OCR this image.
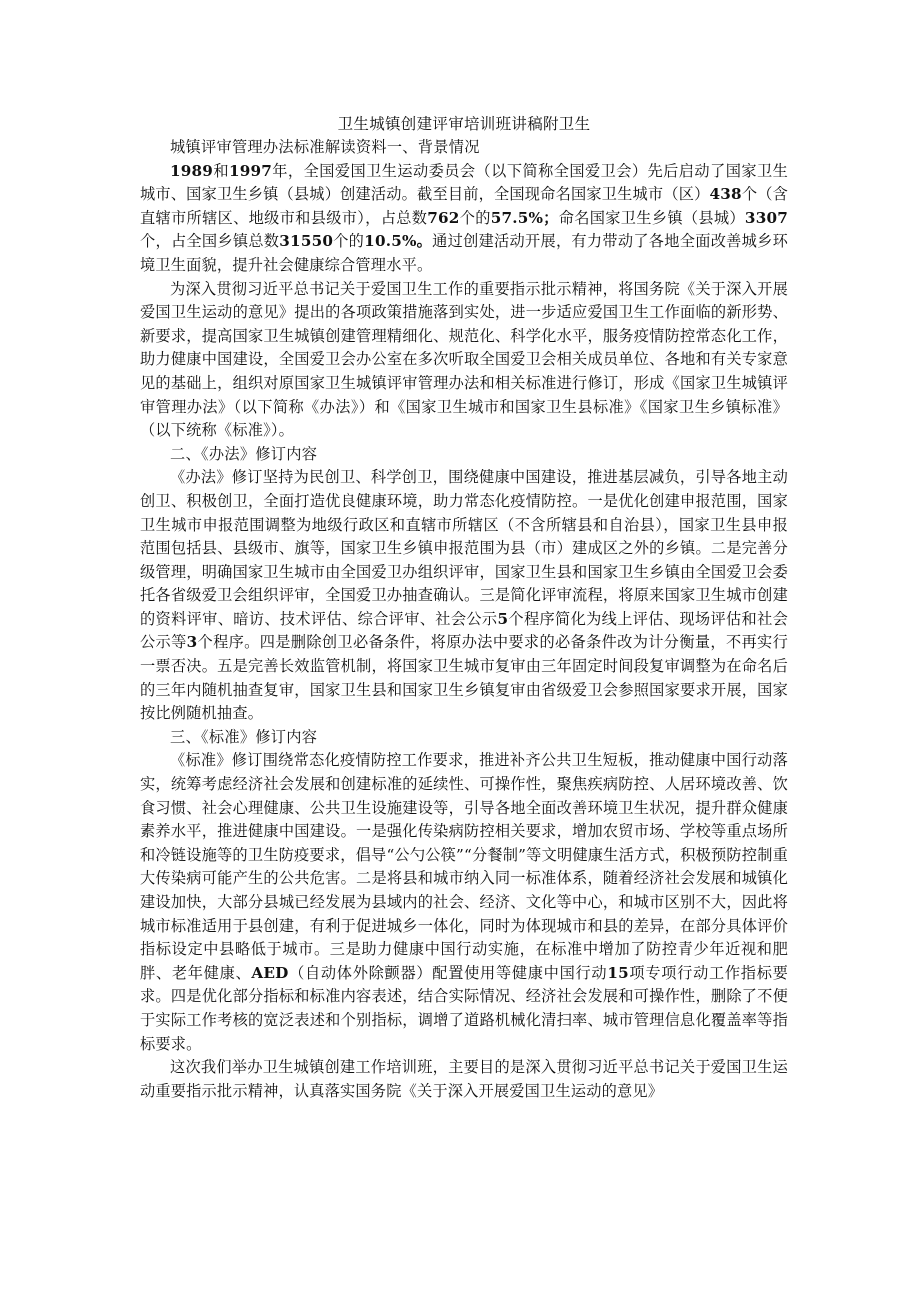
卫生城镇创建评审培训班讲稿附卫生

城镇评审管理办法标准解读资料一、背景情况

1989和1997年，全国爱国卫生运动委员会（以下简称全国爱卫会）先后启动了国家卫生城市、国家卫生乡镇（县城）创建活动。截至目前，全国现命名国家卫生城市（区）438个（含直辖市所辖区、地级市和县级市），占总数762个的57.5%；命名国家卫生乡镇（县城）3307个，占全国乡镇总数31550个的10.5%。通过创建活动开展，有力带动了各地全面改善城乡环境卫生面貌，提升社会健康综合管理水平。

为深入贯彻习近平总书记关于爱国卫生工作的重要指示批示精神，将国务院《关于深入开展爱国卫生运动的意见》提出的各项政策措施落到实处，进一步适应爱国卫生工作面临的新形势、新要求，提高国家卫生城镇创建管理精细化、规范化、科学化水平，服务疫情防控常态化工作，助力健康中国建设，全国爱卫会办公室在多次听取全国爱卫会相关成员单位、各地和有关专家意见的基础上，组织对原国家卫生城镇评审管理办法和相关标准进行修订，形成《国家卫生城镇评审管理办法》（以下简称《办法》）和《国家卫生城市和国家卫生县标准》《国家卫生乡镇标准》（以下统称《标准》）。

二、《办法》修订内容

《办法》修订坚持为民创卫、科学创卫，围绕健康中国建设，推进基层减负，引导各地主动创卫、积极创卫，全面打造优良健康环境，助力常态化疫情防控。一是优化创建申报范围，国家卫生城市申报范围调整为地级行政区和直辖市所辖区（不含所辖县和自治县），国家卫生县申报范围包括县、县级市、旗等，国家卫生乡镇申报范围为县（市）建成区之外的乡镇。二是完善分级管理，明确国家卫生城市由全国爱卫办组织评审，国家卫生县和国家卫生乡镇由全国爱卫会委托各省级爱卫会组织评审，全国爱卫办抽查确认。三是简化评审流程，将原来国家卫生城市创建的资料评审、暗访、技术评估、综合评审、社会公示5个程序简化为线上评估、现场评估和社会公示等3个程序。四是删除创卫必备条件，将原办法中要求的必备条件改为计分衡量，不再实行一票否决。五是完善长效监管机制，将国家卫生城市复审由三年固定时间段复审调整为在命名后的三年内随机抽查复审，国家卫生县和国家卫生乡镇复审由省级爱卫会参照国家要求开展，国家按比例随机抽查。

三、《标准》修订内容

《标准》修订围绕常态化疫情防控工作要求，推进补齐公共卫生短板，推动健康中国行动落实，统筹考虑经济社会发展和创建标准的延续性、可操作性，聚焦疾病防控、人居环境改善、饮食习惯、社会心理健康、公共卫生设施建设等，引导各地全面改善环境卫生状况，提升群众健康素养水平，推进健康中国建设。一是强化传染病防控相关要求，增加农贸市场、学校等重点场所和冷链设施等的卫生防疫要求，倡导“公勺公筷”“分餐制”等文明健康生活方式，积极预防控制重大传染病可能产生的公共危害。二是将县和城市纳入同一标准体系，随着经济社会发展和城镇化建设加快，大部分县城已经发展为县域内的社会、经济、文化等中心，和城市区别不大，因此将城市标准适用于县创建，有利于促进城乡一体化，同时为体现城市和县的差异，在部分具体评价指标设定中县略低于城市。三是助力健康中国行动实施，在标准中增加了防控青少年近视和肥胖、老年健康、AED（自动体外除颤器）配置使用等健康中国行动15项专项行动工作指标要求。四是优化部分指标和标准内容表述，结合实际情况、经济社会发展和可操作性，删除了不便于实际工作考核的宽泛表述和个别指标，调增了道路机械化清扫率、城市管理信息化覆盖率等指标要求。

这次我们举办卫生城镇创建工作培训班，主要目的是深入贯彻习近平总书记关于爱国卫生运动重要指示批示精神，认真落实国务院《关于深入开展爱国卫生运动的意见》
